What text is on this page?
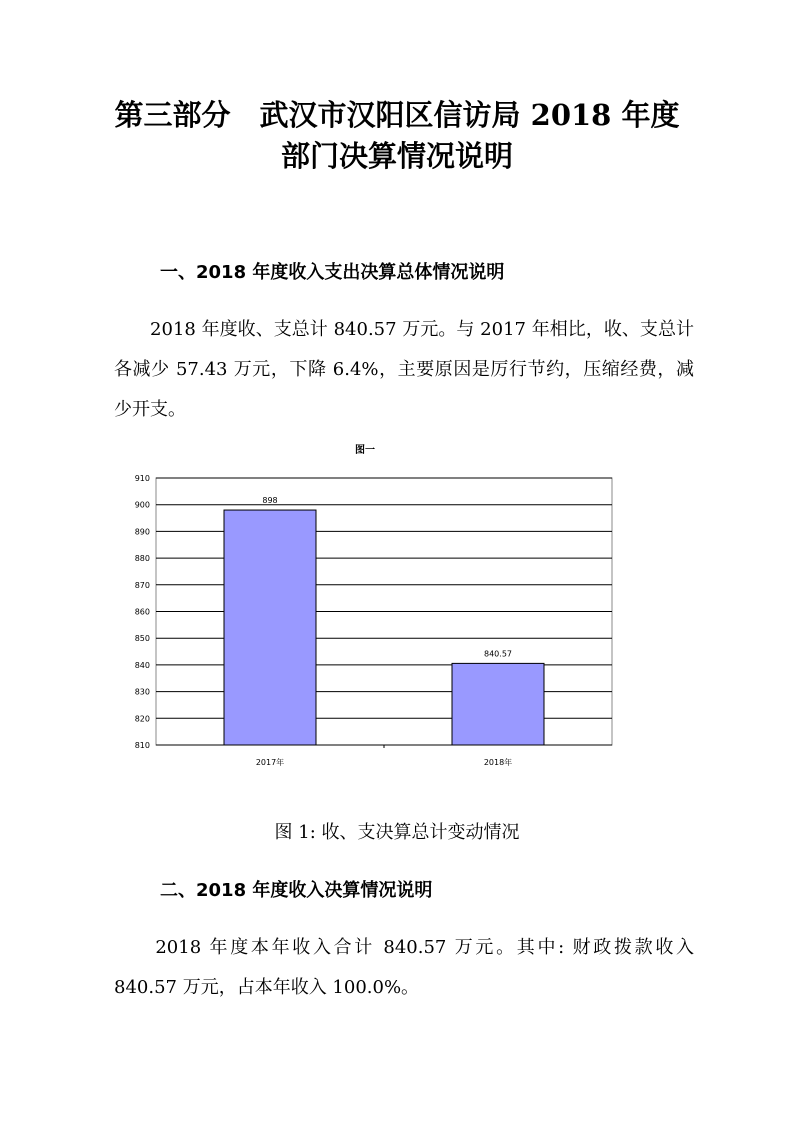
第三部分　武汉市汉阳区信访局 2018 年度
部门决算情况说明
一、2018 年度收入支出决算总体情况说明

　　2018 年度收、支总计 840.57 万元。与 2017 年相比，收、支总计各减少 57.43 万元，下降 6.4%，主要原因是厉行节约，压缩经费，减少开支。

图一
810
820
830
840
850
860
870
880
890
900
910
898
840.57
2017年	2018年

图 1: 收、支决算总计变动情况

二、2018 年度收入决算情况说明

　　2018 年度本年收入合计 840.57 万元。其中: 财政拨款收入 840.57 万元，占本年收入 100.0%。
